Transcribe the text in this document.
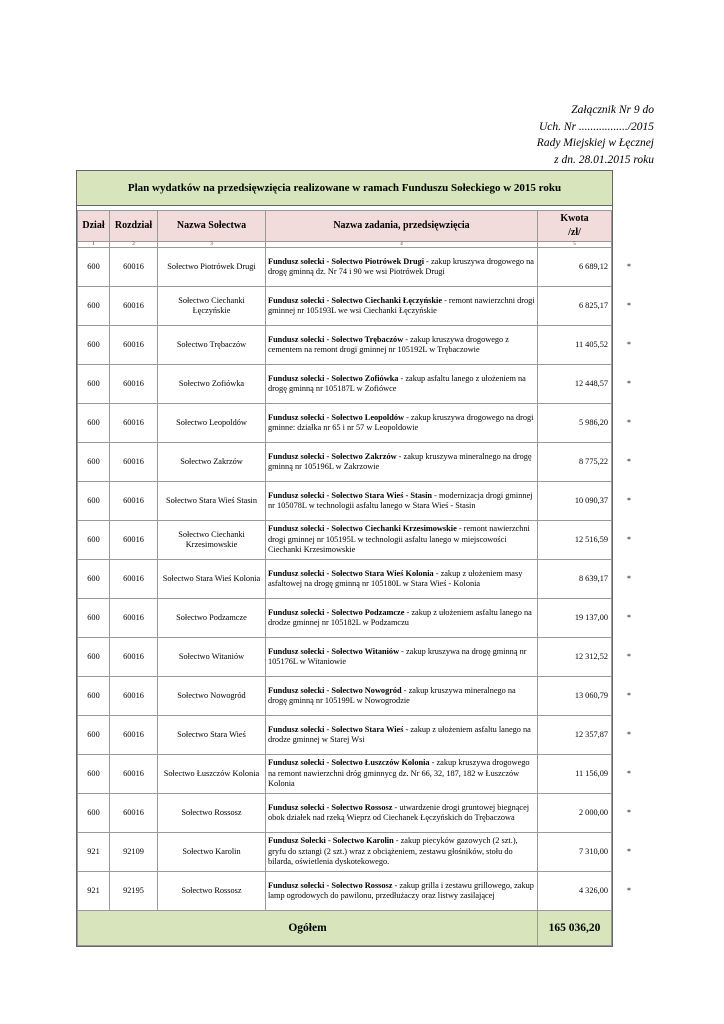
Załącznik Nr 9 do
Uch. Nr ................./2015
Rady Miejskiej w Łęcznej
z dn. 28.01.2015 roku
Plan wydatków na przedsięwzięcia realizowane w ramach Funduszu Sołeckiego w 2015 roku
Dział	Rozdział	Nazwa Sołectwa	Nazwa zadania, przedsięwzięcia	Kwota
/zł/

1	2	3	4	5
600	60016	Sołectwo Piotrówek Drugi	Fundusz sołecki - Sołectwo Piotrówek Drugi - zakup kruszywa drogowego na drogę gminną dz. Nr 74 i 90 we wsi Piotrówek Drugi	6 689,12
600	60016	Sołectwo Ciechanki Łęczyńskie	Fundusz sołecki - Sołectwo Ciechanki Łęczyńskie - remont nawierzchni drogi gminnej nr 105193L we wsi Ciechanki Łęczyńskie	6 825,17
600	60016	Sołectwo Trębaczów	Fundusz sołecki - Sołectwo Trębaczów - zakup kruszywa drogowego z cementem na remont drogi gminnej nr 105192L w Trębaczowie	11 405,52
600	60016	Sołectwo Zofiówka	Fundusz sołecki - Sołectwo Zofiówka - zakup asfaltu lanego z ułożeniem na drogę gminną nr 105187L w Zofiówce	12 448,57
600	60016	Sołectwo Leopoldów	Fundusz sołecki - Sołectwo Leopoldów - zakup kruszywa drogowego na drogi gminne: działka nr 65 i nr 57 w Leopoldowie	5 986,20
600	60016	Sołectwo Zakrzów	Fundusz sołecki - Sołectwo Zakrzów - zakup kruszywa mineralnego na drogę gminną nr 105196L w Zakrzowie	8 775,22
600	60016	Sołectwo Stara Wieś Stasin	Fundusz sołecki - Sołectwo Stara Wieś - Stasin - modernizacja drogi gminnej nr 105078L w technologii asfaltu lanego w Stara Wieś - Stasin	10 090,37
600	60016	Sołectwo Ciechanki Krzesimowskie	Fundusz sołecki - Sołectwo Ciechanki Krzesimowskie - remont nawierzchni drogi gminnej nr 105195L w technologii asfaltu lanego w miejscowości Ciechanki Krzesimowskie	12 516,59
600	60016	Sołectwo Stara Wieś Kolonia	Fundusz sołecki - Sołectwo Stara Wieś Kolonia - zakup z ułożeniem masy asfaltowej na drogę gminną nr 105180L w Stara Wieś - Kolonia	8 639,17
600	60016	Sołectwo Podzamcze	Fundusz sołecki - Sołectwo Podzamcze - zakup z ułożeniem asfaltu lanego na drodze gminnej nr 105182L w Podzamczu	19 137,00
600	60016	Sołectwo Witaniów	Fundusz sołecki - Sołectwo Witaniów - zakup kruszywa na drogę gminną nr 105176L w Witaniowie	12 312,52
600	60016	Sołectwo Nowogród	Fundusz sołecki - Sołectwo Nowogród - zakup kruszywa mineralnego na drogę gminną nr 105199L w Nowogrodzie	13 060,79
600	60016	Sołectwo Stara Wieś	Fundusz sołecki - Sołectwo Stara Wieś - zakup z ułożeniem asfaltu lanego na drodze gminnej w Starej Wsi	12 357,87
600	60016	Sołectwo Łuszczów Kolonia	Fundusz sołecki - Sołectwo Łuszczów Kolonia - zakup kruszywa drogowego na remont nawierzchni dróg gminnycg dz. Nr 66, 32, 187, 182 w Łuszczów Kolonia	11 156,09
600	60016	Sołectwo Rossosz	Fundusz sołecki - Sołectwo Rossosz - utwardzenie drogi gruntowej biegnącej obok działek nad rzeką Wieprz od Ciechanek Łęczyńskich do Trębaczowa	2 000,00
921	92109	Sołectwo Karolin	Fundusz Sołecki - Sołectwo Karolin - zakup piecyków gazowych (2 szt.), gryfu do sztangi (2 szt.) wraz z obciążeniem, zestawu głośników, stołu do bilarda, oświetlenia dyskotekowego.	7 310,00
921	92195	Sołectwo Rossosz	Fundusz sołecki - Sołectwo Rossosz - zakup grilla i zestawu grillowego, zakup lamp ogrodowych do pawilonu, przedłużaczy oraz listwy zasilającej	4 326,00
Ogółem				165 036,20
*
*
*
*
*
*
*
*
*
*
*
*
*
*
*
*
*
